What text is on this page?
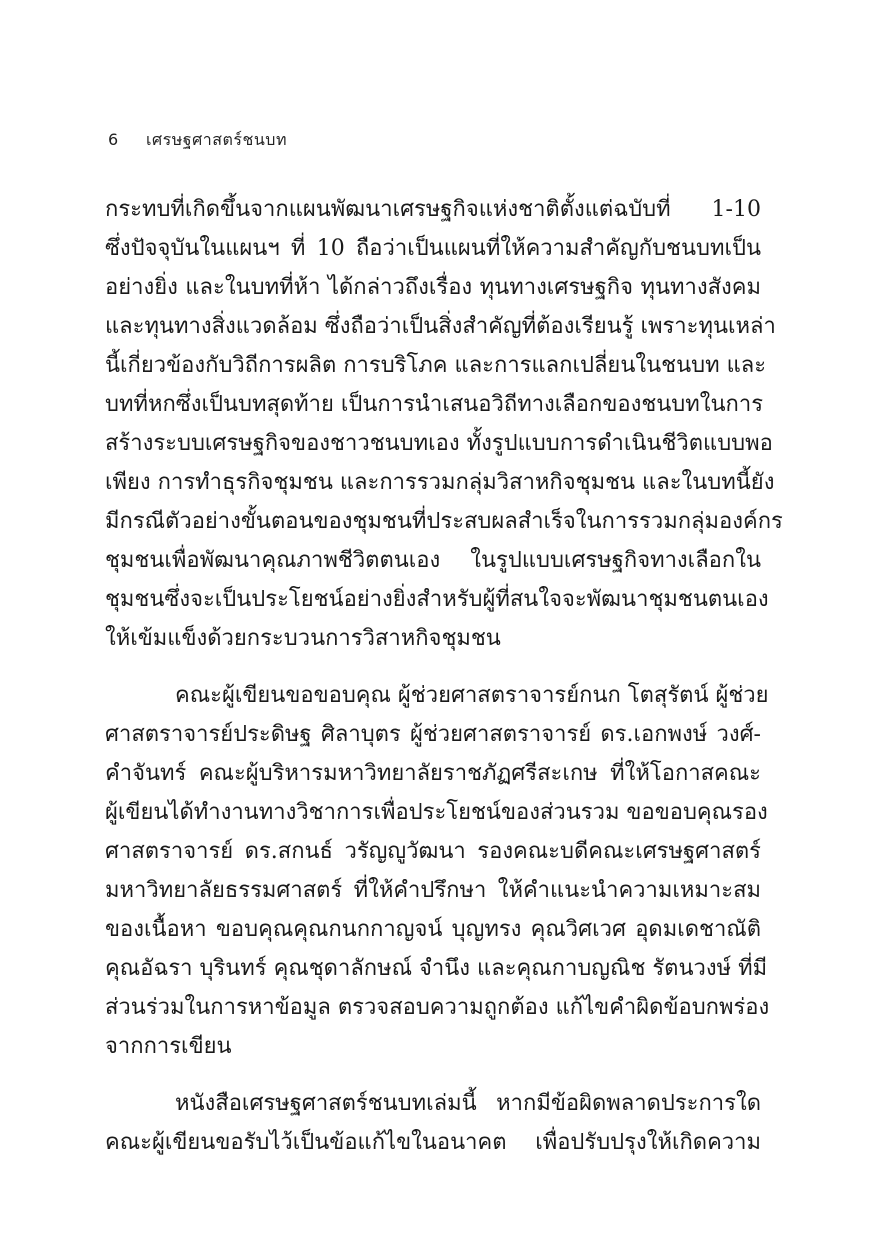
6	เศรษฐศาสตร์ชนบท
กระทบที่เกิดขึ้นจากแผนพัฒนาเศรษฐกิจแห่งชาติตั้งแต่ฉบับที่ 1-10
ซึ่งปัจจุบันในแผนฯ ที่ 10 ถือว่าเป็นแผนที่ให้ความสำคัญกับชนบทเป็น
อย่างยิ่ง และในบทที่ห้า ได้กล่าวถึงเรื่อง ทุนทางเศรษฐกิจ ทุนทางสังคม
และทุนทางสิ่งแวดล้อม ซึ่งถือว่าเป็นสิ่งสำคัญที่ต้องเรียนรู้ เพราะทุนเหล่า
นี้เกี่ยวข้องกับวิถีการผลิต การบริโภค และการแลกเปลี่ยนในชนบท และ
บทที่หกซึ่งเป็นบทสุดท้าย เป็นการนำเสนอวิถีทางเลือกของชนบทในการ
สร้างระบบเศรษฐกิจของชาวชนบทเอง ทั้งรูปแบบการดำเนินชีวิตแบบพอ
เพียง การทำธุรกิจชุมชน และการรวมกลุ่มวิสาหกิจชุมชน และในบทนี้ยัง
มีกรณีตัวอย่างขั้นตอนของชุมชนที่ประสบผลสำเร็จในการรวมกลุ่มองค์กร
ชุมชนเพื่อพัฒนาคุณภาพชีวิตตนเอง ในรูปแบบเศรษฐกิจทางเลือกใน
ชุมชนซึ่งจะเป็นประโยชน์อย่างยิ่งสำหรับผู้ที่สนใจจะพัฒนาชุมชนตนเอง
ให้เข้มแข็งด้วยกระบวนการวิสาหกิจชุมชน
คณะผู้เขียนขอขอบคุณ ผู้ช่วยศาสตราจารย์กนก โตสุรัตน์ ผู้ช่วย
ศาสตราจารย์ประดิษฐ ศิลาบุตร ผู้ช่วยศาสตราจารย์ ดร.เอกพงษ์ วงศ์-
คำจันทร์ คณะผู้บริหารมหาวิทยาลัยราชภัฏศรีสะเกษ ที่ให้โอกาสคณะ
ผู้เขียนได้ทำงานทางวิชาการเพื่อประโยชน์ของส่วนรวม ขอขอบคุณรอง
ศาสตราจารย์ ดร.สกนธ์ วรัญญูวัฒนา รองคณะบดีคณะเศรษฐศาสตร์
มหาวิทยาลัยธรรมศาสตร์ ที่ให้คำปรึกษา ให้คำแนะนำความเหมาะสม
ของเนื้อหา ขอบคุณคุณกนกกาญจน์ บุญทรง คุณวิศเวศ อุดมเดชาณัติ
คุณอัฉรา บุรินทร์ คุณชุดาลักษณ์ จำนึง และคุณกาบญณิช รัตนวงษ์ ที่มี
ส่วนร่วมในการหาข้อมูล ตรวจสอบความถูกต้อง แก้ไขคำผิดข้อบกพร่อง
จากการเขียน
หนังสือเศรษฐศาสตร์ชนบทเล่มนี้ หากมีข้อผิดพลาดประการใด
คณะผู้เขียนขอรับไว้เป็นข้อแก้ไขในอนาคต เพื่อปรับปรุงให้เกิดความ
